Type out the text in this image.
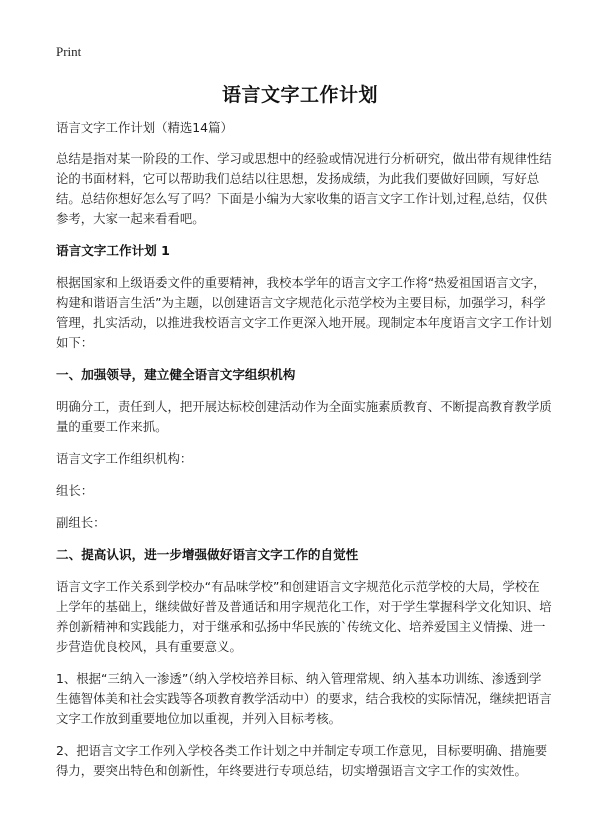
Print
语言文字工作计划

语言文字工作计划（精选14篇）

总结是指对某一阶段的工作、学习或思想中的经验或情况进行分析研究，做出带有规律性结论的书面材料，它可以帮助我们总结以往思想，发扬成绩，为此我们要做好回顾，写好总结。总结你想好怎么写了吗？下面是小编为大家收集的语言文字工作计划,过程,总结，仅供参考，大家一起来看看吧。

语言文字工作计划 1

根据国家和上级语委文件的重要精神，我校本学年的语言文字工作将“热爱祖国语言文字，构建和谐语言生活”为主题，以创建语言文字规范化示范学校为主要目标，加强学习，科学管理，扎实活动，以推进我校语言文字工作更深入地开展。现制定本年度语言文字工作计划如下：

一、加强领导，建立健全语言文字组织机构

明确分工，责任到人，把开展达标校创建活动作为全面实施素质教育、不断提高教育教学质量的重要工作来抓。

语言文字工作组织机构：

组长：

副组长：

二、提高认识，进一步增强做好语言文字工作的自觉性

语言文字工作关系到学校办“有品味学校”和创建语言文字规范化示范学校的大局，学校在上学年的基础上，继续做好普及普通话和用字规范化工作，对于学生掌握科学文化知识、培养创新精神和实践能力，对于继承和弘扬中华民族的`传统文化、培养爱国主义情操、进一步营造优良校风，具有重要意义。

1、根据“三纳入一渗透”（纳入学校培养目标、纳入管理常规、纳入基本功训练、渗透到学生德智体美和社会实践等各项教育教学活动中）的要求，结合我校的实际情况，继续把语言文字工作放到重要地位加以重视，并列入目标考核。

2、把语言文字工作列入学校各类工作计划之中并制定专项工作意见，目标要明确、措施要得力，要突出特色和创新性，年终要进行专项总结，切实增强语言文字工作的实效性。
